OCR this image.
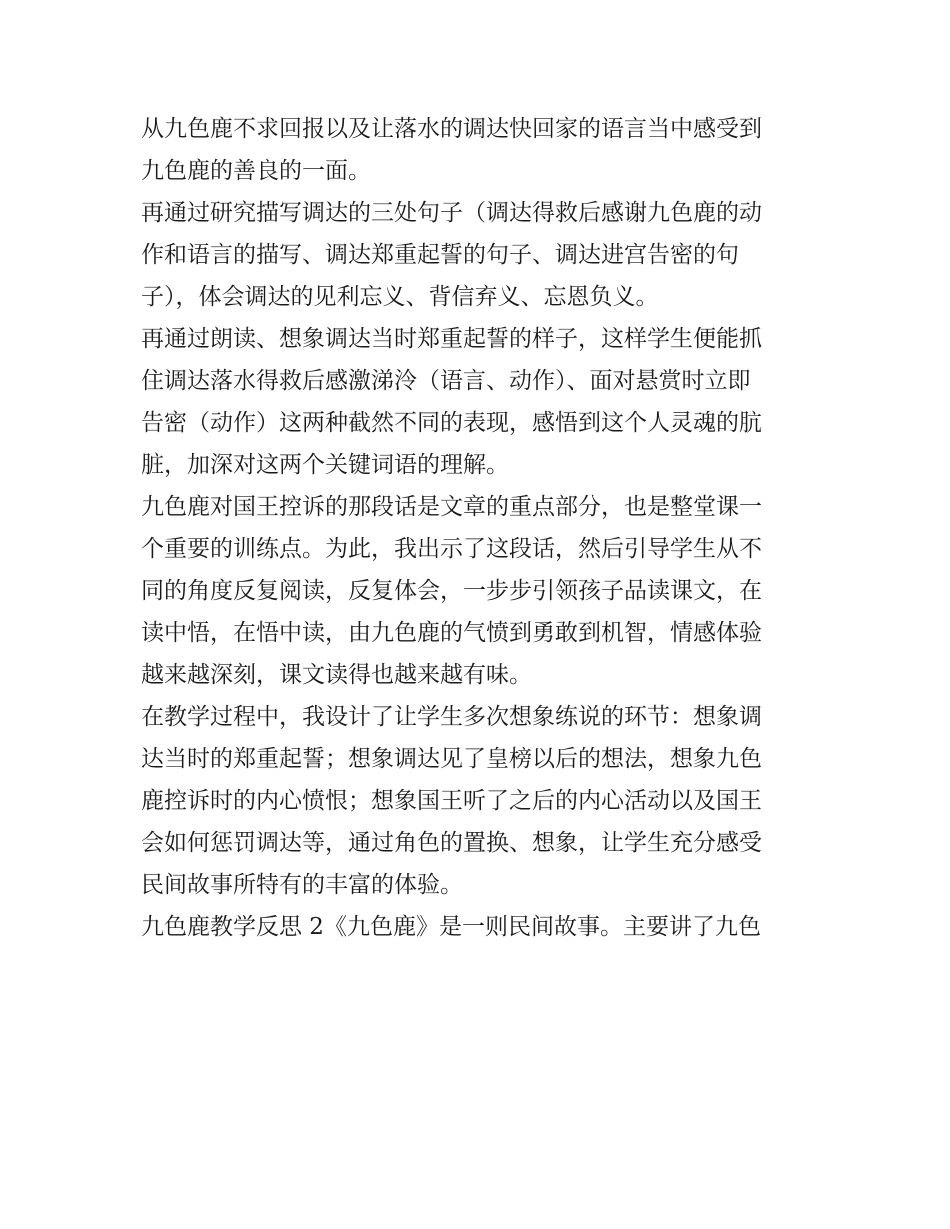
从九色鹿不求回报以及让落水的调达快回家的语言当中感受到

九色鹿的善良的一面。

再通过研究描写调达的三处句子（调达得救后感谢九色鹿的动

作和语言的描写、调达郑重起誓的句子、调达进宫告密的句

子），体会调达的见利忘义、背信弃义、忘恩负义。

再通过朗读、想象调达当时郑重起誓的样子，这样学生便能抓

住调达落水得救后感激涕泠（语言、动作）、面对悬赏时立即

告密（动作）这两种截然不同的表现，感悟到这个人灵魂的肮

脏，加深对这两个关键词语的理解。

九色鹿对国王控诉的那段话是文章的重点部分，也是整堂课一

个重要的训练点。为此，我出示了这段话，然后引导学生从不

同的角度反复阅读，反复体会，一步步引领孩子品读课文，在

读中悟，在悟中读，由九色鹿的气愤到勇敢到机智，情感体验

越来越深刻，课文读得也越来越有味。

在教学过程中，我设计了让学生多次想象练说的环节：想象调

达当时的郑重起誓；想象调达见了皇榜以后的想法，想象九色

鹿控诉时的内心愤恨；想象国王听了之后的内心活动以及国王

会如何惩罚调达等，通过角色的置换、想象，让学生充分感受

民间故事所特有的丰富的体验。

九色鹿教学反思 2《九色鹿》是一则民间故事。主要讲了九色
